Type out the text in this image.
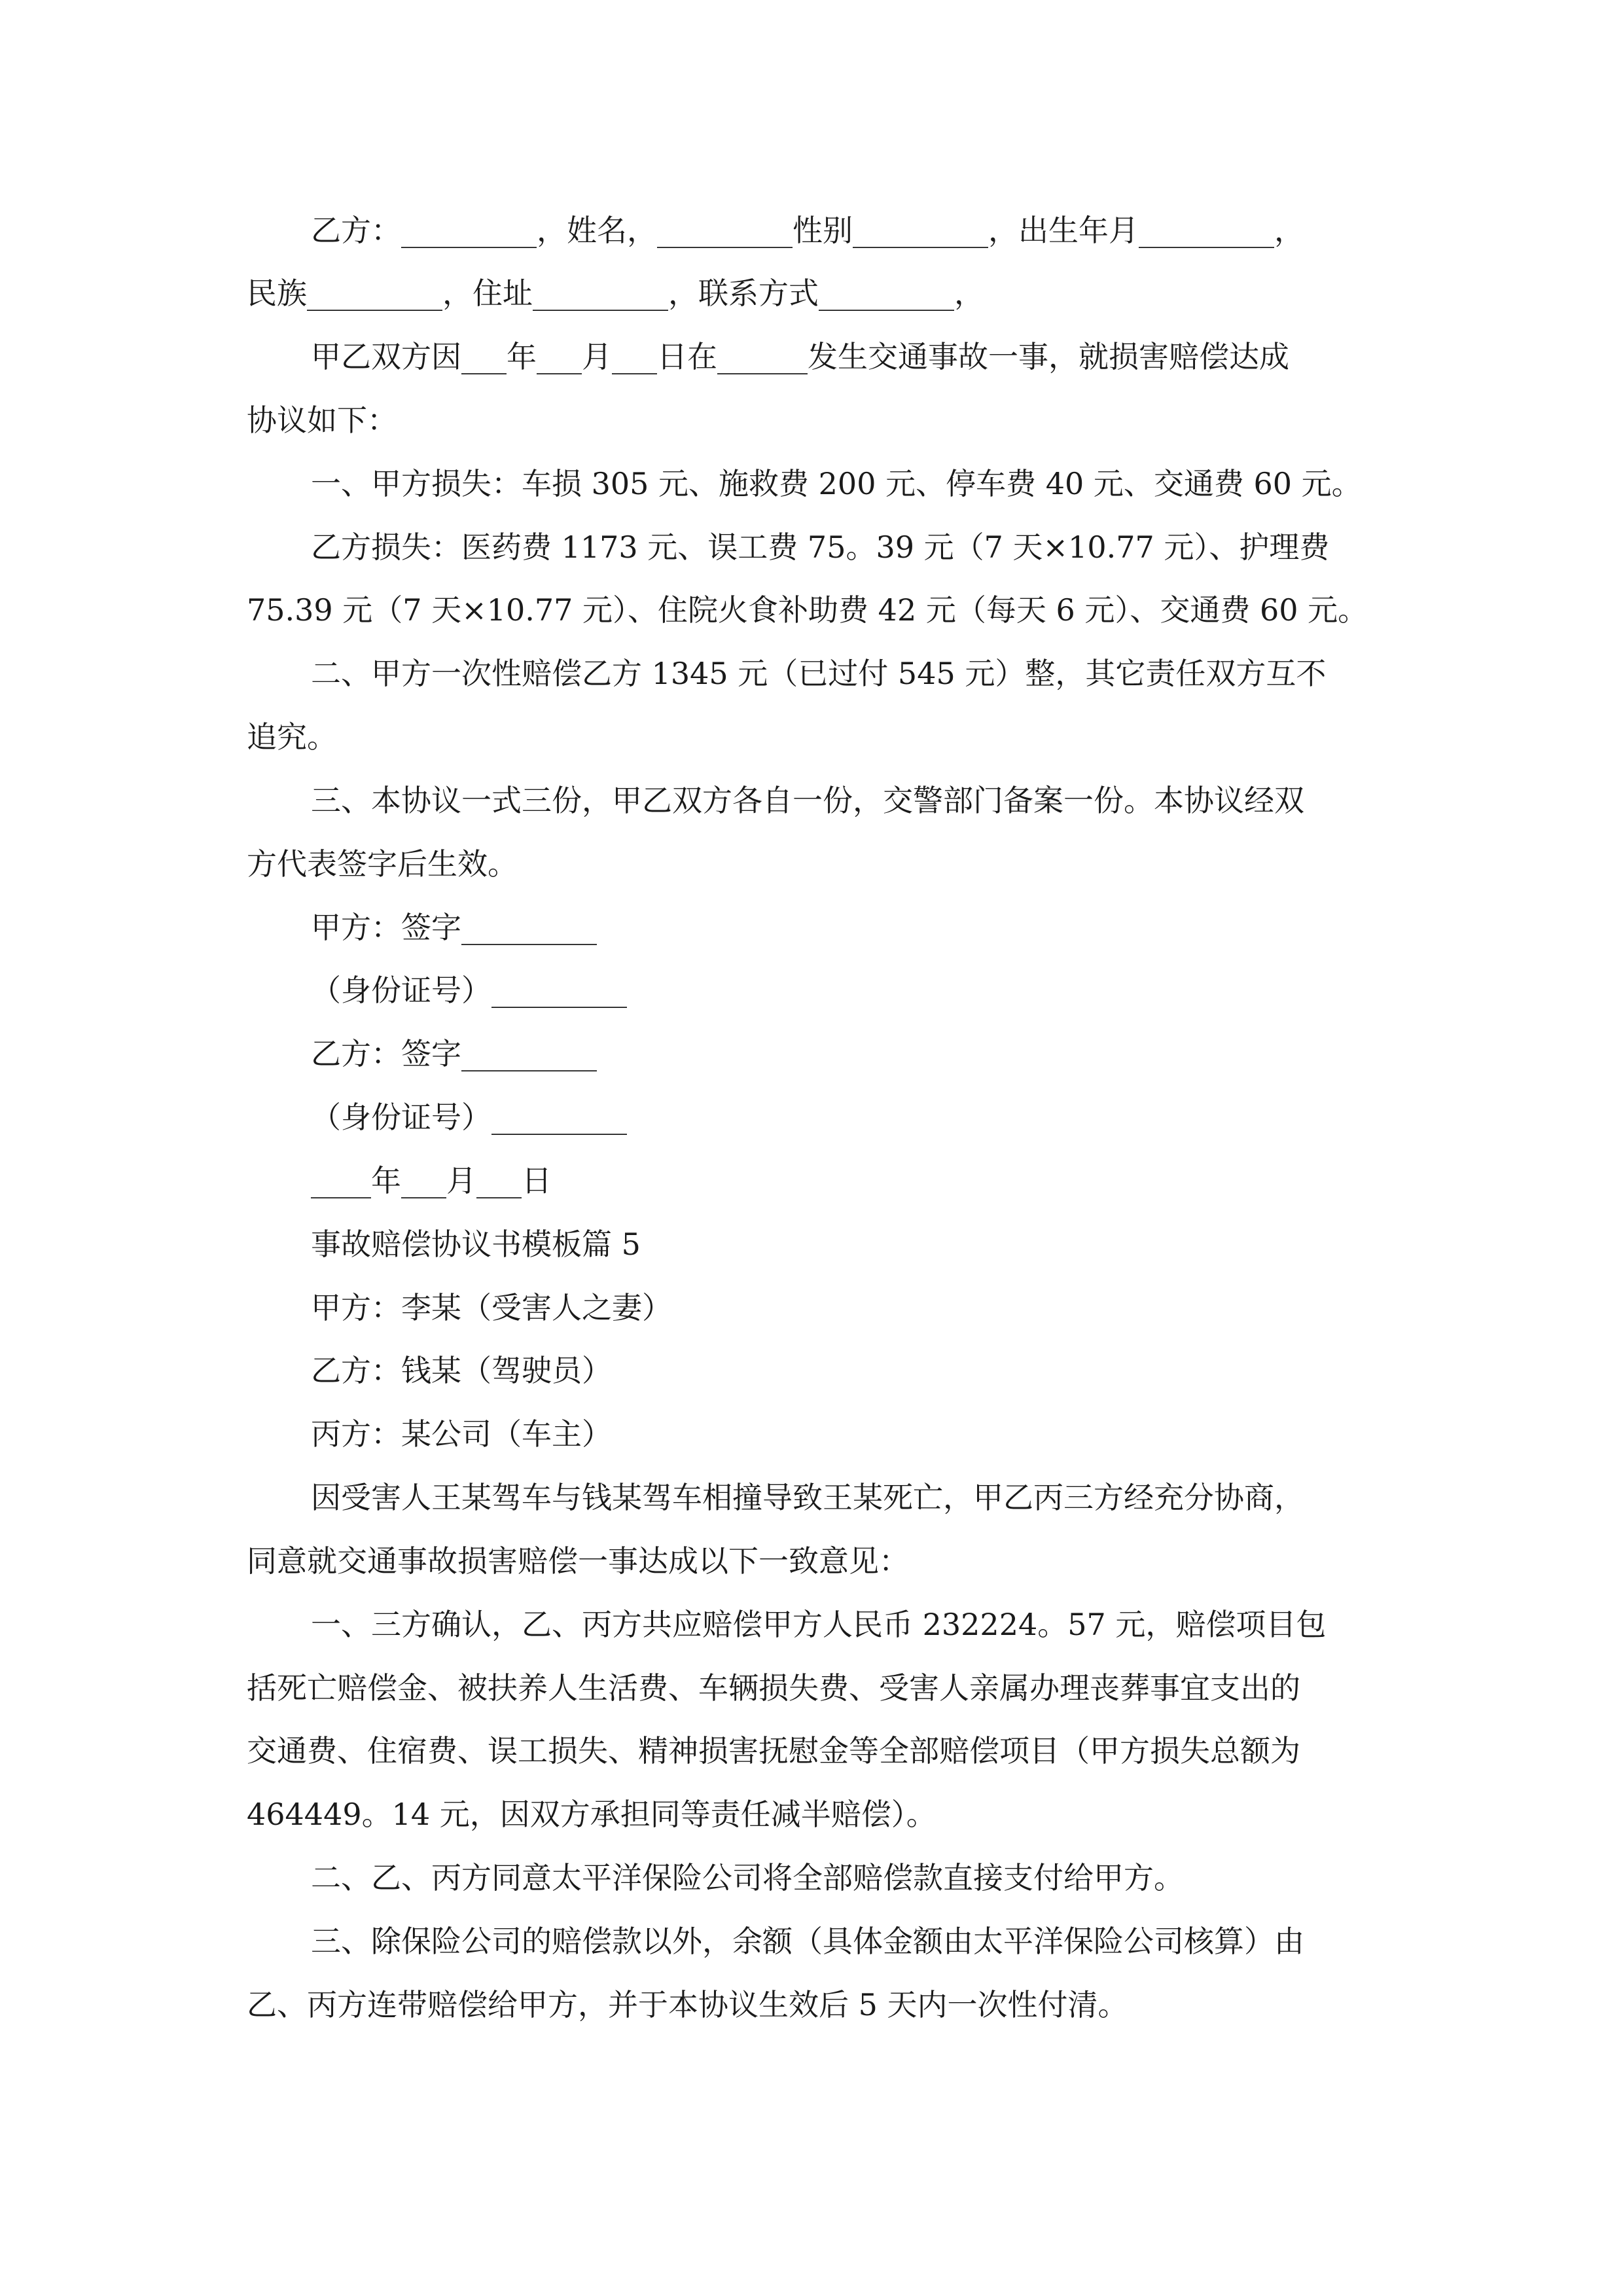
乙方：_________，姓名，_________性别_________，出生年月_________，
民族_________，住址_________，联系方式_________，
甲乙双方因___年___月___日在______发生交通事故一事，就损害赔偿达成
协议如下：
一、甲方损失：车损 305 元、施救费 200 元、停车费 40 元、交通费 60 元。
乙方损失：医药费 1173 元、误工费 75。39 元（7 天×10.77 元）、护理费
75.39 元（7 天×10.77 元）、住院火食补助费 42 元（每天 6 元）、交通费 60 元。
二、甲方一次性赔偿乙方 1345 元（已过付 545 元）整，其它责任双方互不
追究。
三、本协议一式三份，甲乙双方各自一份，交警部门备案一份。本协议经双
方代表签字后生效。
甲方：签字_________
（身份证号）_________
乙方：签字_________
（身份证号）_________
____年___月___日
事故赔偿协议书模板篇 5
甲方：李某（受害人之妻）
乙方：钱某（驾驶员）
丙方：某公司（车主）
因受害人王某驾车与钱某驾车相撞导致王某死亡，甲乙丙三方经充分协商，
同意就交通事故损害赔偿一事达成以下一致意见：
一、三方确认，乙、丙方共应赔偿甲方人民币 232224。57 元，赔偿项目包
括死亡赔偿金、被扶养人生活费、车辆损失费、受害人亲属办理丧葬事宜支出的
交通费、住宿费、误工损失、精神损害抚慰金等全部赔偿项目（甲方损失总额为
464449。14 元，因双方承担同等责任减半赔偿）。
二、乙、丙方同意太平洋保险公司将全部赔偿款直接支付给甲方。
三、除保险公司的赔偿款以外，余额（具体金额由太平洋保险公司核算）由
乙、丙方连带赔偿给甲方，并于本协议生效后 5 天内一次性付清。
